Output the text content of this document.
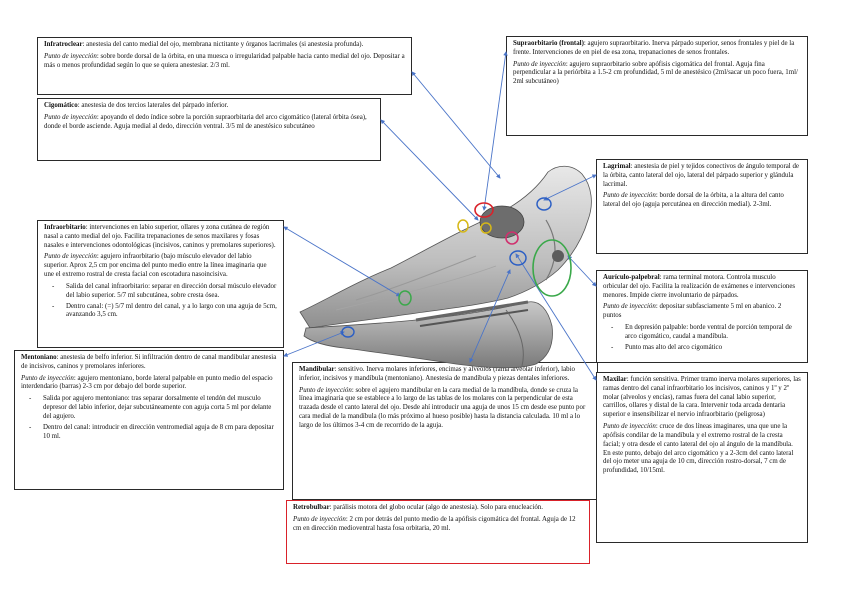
Infratroclear: anestesia del canto medial del ojo, membrana nictitante y órganos lacrimales (si anestesia profunda).

Punto de inyección: sobre borde dorsal de la órbita, en una muesca o irregularidad palpable hacia canto medial del ojo. Depositar a más o menos profundidad según lo que se quiera anestesiar. 2/3 ml.

Cigomático: anestesia de dos tercios laterales del párpado inferior.

Punto de inyección: apoyando el dedo índice sobre la porción supraorbitaria del arco cigomático (lateral órbita ósea), donde el borde asciende. Aguja medial al dedo, dirección ventral. 3/5 ml de anestésico subcutáneo

Infraorbitario: intervenciones en labio superior, ollares y zona cutánea de región nasal a canto medial del ojo. Facilita trepanaciones de senos maxilares y fosas nasales e intervenciones odontológicas (incisivos, caninos y premolares superiores).

Punto de inyección: agujero infraorbitario (bajo músculo elevador del labio superior. Aprox 2,5 cm por encima del punto medio entre la línea imaginaria que une el extremo rostral de cresta facial con escotadura nasoincisiva.

- Salida del canal infraorbitario: separar en dirección dorsal músculo elevador del labio superior. 5/7 ml subcutánea, sobre cresta ósea.
- Dentro canal: (=) 5/7 ml dentro del canal, y a lo largo con una aguja de 5cm, avanzando 3,5 cm.

Mentoniano: anestesia de belfo inferior. Si infiltración dentro de canal mandibular anestesia de incisivos, caninos y premolares inferiores.

Punto de inyección: agujero mentoniano, borde lateral palpable en punto medio del espacio interdendario (barras) 2-3 cm por debajo del borde superior.

- Salida por agujero mentoniano: tras separar dorsalmente el tendón del musculo depresor del labio inferior, dejar subcutáneamente con aguja corta 5 ml por delante del agujero.
- Dentro del canal: introducir en dirección ventromedial aguja de 8 cm para depositar 10 ml.

Supraorbitario (frontal): agujero supraorbitario. Inerva párpado superior, senos frontales y piel de la frente. Intervenciones de en piel de esa zona, trepanaciones de senos frontales.

Punto de inyección: agujero supraorbitario sobre apófisis cigomática del frontal. Aguja fina perpendicular a la periórbita a 1.5-2 cm profundidad, 5 ml de anestésico (2ml/sacar un poco fuera, 1ml/ 2ml subcutáneo)

Lagrimal: anestesia de piel y tejidos conectivos de ángulo temporal de la órbita, canto lateral del ojo, lateral del párpado superior y glándula lacrimal.

Punto de inyección: borde dorsal de la órbita, a la altura del canto lateral del ojo (aguja percutánea en dirección medial). 2-3ml.

Aurículo-palpebral: rama terminal motora. Controla musculo orbicular del ojo. Facilita la realización de exámenes e intervenciones menores. Impide cierre involuntario de párpados.

Punto de inyección: depositar subfasciamente 5 ml en abanico. 2 puntos

- En depresión palpable: borde ventral de porción temporal de arco cigomático, caudal a mandíbula.
- Punto mas alto del arco cigomático

Mandibular: sensitivo. Inerva molares inferiores, encimas y alveolos (rama alveolar inferior), labio inferior, incisivos y mandíbula (mentoniano). Anestesia de mandíbula y piezas dentales inferiores.

Punto de inyección: sobre el agujero mandibular en la cara medial de la mandíbula, donde se cruza la línea imaginaria que se establece a lo largo de las tablas de los molares con la perpendicular de esta trazada desde el canto lateral del ojo. Desde ahí introducir una aguja de unos 15 cm desde ese punto por cara medial de la mandíbula (lo más próximo al hueso posible) hasta la distancia calculada. 10 ml a lo largo de los últimos 3-4 cm de recorrido de la aguja.

Maxilar: función sensitiva. Primer tramo inerva molares superiores, las ramas dentro del canal infraorbitario los incisivos, caninos y 1º y 2º molar (alveolos y encías), ramas fuera del canal labio superior, carrillos, ollares y distal de la cara. Intervenir toda arcada dentaria superior e insensibilizar el nervio infraorbitario (peligrosa)

Punto de inyección: cruce de dos líneas imaginares, una que une la apófisis condilar de la mandíbula y el extremo rostral de la cresta facial; y otra desde el canto lateral del ojo al ángulo de la mandíbula. En este punto, debajo del arco cigomático y a 2-3cm del canto lateral del ojo meter una aguja de 10 cm, dirección rostro-dorsal, 7 cm de profundidad, 10/15ml.

Retrobulbar: parálisis motora del globo ocular (algo de anestesia). Solo para enucleación.

Punto de inyección: 2 cm por detrás del punto medio de la apófisis cigomática del frontal. Aguja de 12 cm en dirección medioventral hasta fosa orbitaria, 20 ml.
